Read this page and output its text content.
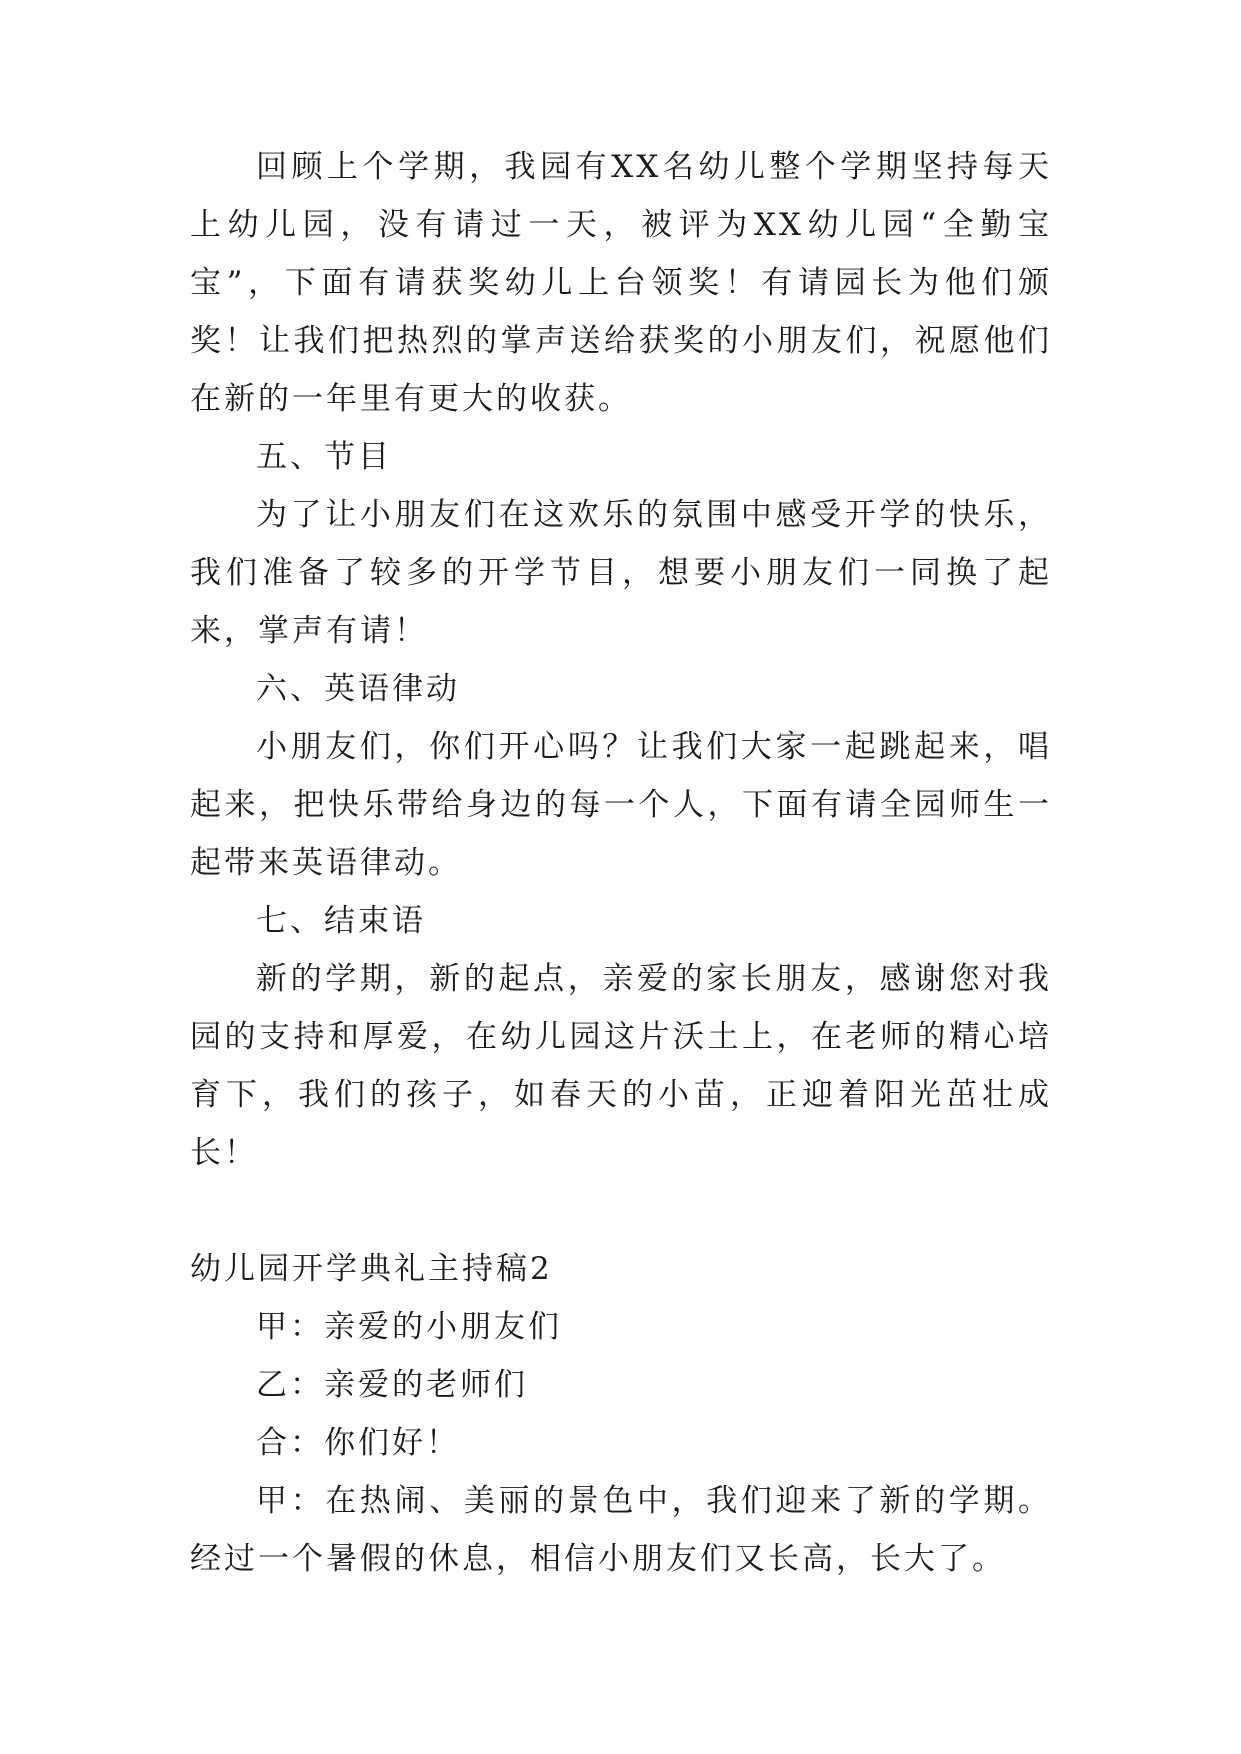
回顾上个学期，我园有XX名幼儿整个学期坚持每天上幼儿园，没有请过一天，被评为XX幼儿园“全勤宝宝”，下面有请获奖幼儿上台领奖！有请园长为他们颁奖！让我们把热烈的掌声送给获奖的小朋友们，祝愿他们在新的一年里有更大的收获。

五、节目

为了让小朋友们在这欢乐的氛围中感受开学的快乐，我们准备了较多的开学节目，想要小朋友们一同换了起来，掌声有请！

六、英语律动

小朋友们，你们开心吗？让我们大家一起跳起来，唱起来，把快乐带给身边的每一个人，下面有请全园师生一起带来英语律动。

七、结束语

新的学期，新的起点，亲爱的家长朋友，感谢您对我园的支持和厚爱，在幼儿园这片沃土上，在老师的精心培育下，我们的孩子，如春天的小苗，正迎着阳光茁壮成长！

幼儿园开学典礼主持稿2

甲：亲爱的小朋友们

乙：亲爱的老师们

合：你们好！

甲：在热闹、美丽的景色中，我们迎来了新的学期。经过一个暑假的休息，相信小朋友们又长高，长大了。
